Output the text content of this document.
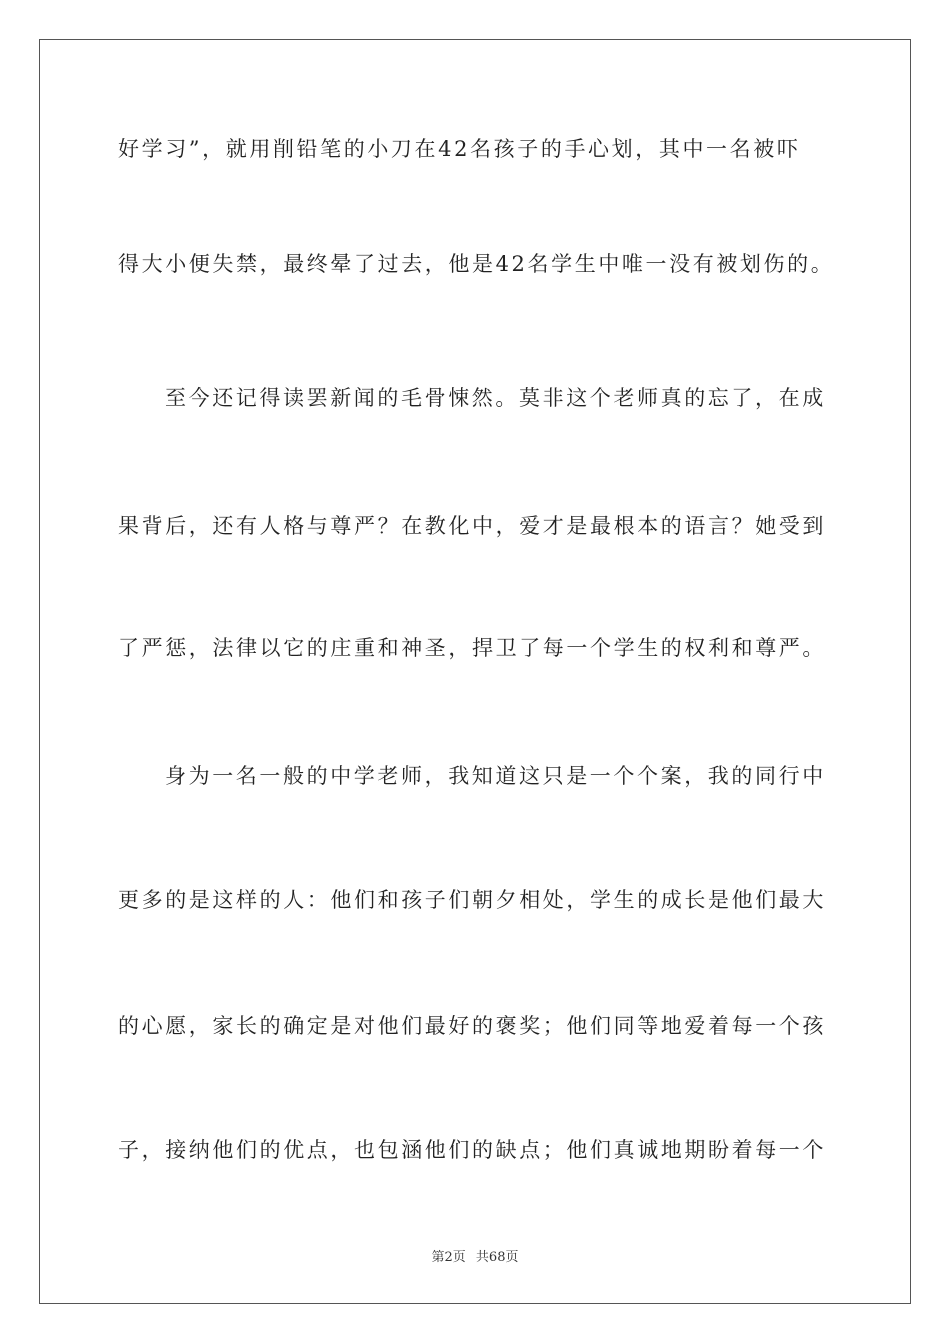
好学习”，就用削铅笔的小刀在42名孩子的手心划，其中一名被吓
得大小便失禁，最终晕了过去，他是42名学生中唯一没有被划伤的。
至今还记得读罢新闻的毛骨悚然。莫非这个老师真的忘了，在成
果背后，还有人格与尊严？在教化中，爱才是最根本的语言？她受到
了严惩，法律以它的庄重和神圣，捍卫了每一个学生的权利和尊严。
身为一名一般的中学老师，我知道这只是一个个案，我的同行中
更多的是这样的人：他们和孩子们朝夕相处，学生的成长是他们最大
的心愿，家长的确定是对他们最好的褒奖；他们同等地爱着每一个孩
子，接纳他们的优点，也包涵他们的缺点；他们真诚地期盼着每一个
第2页 共68页
